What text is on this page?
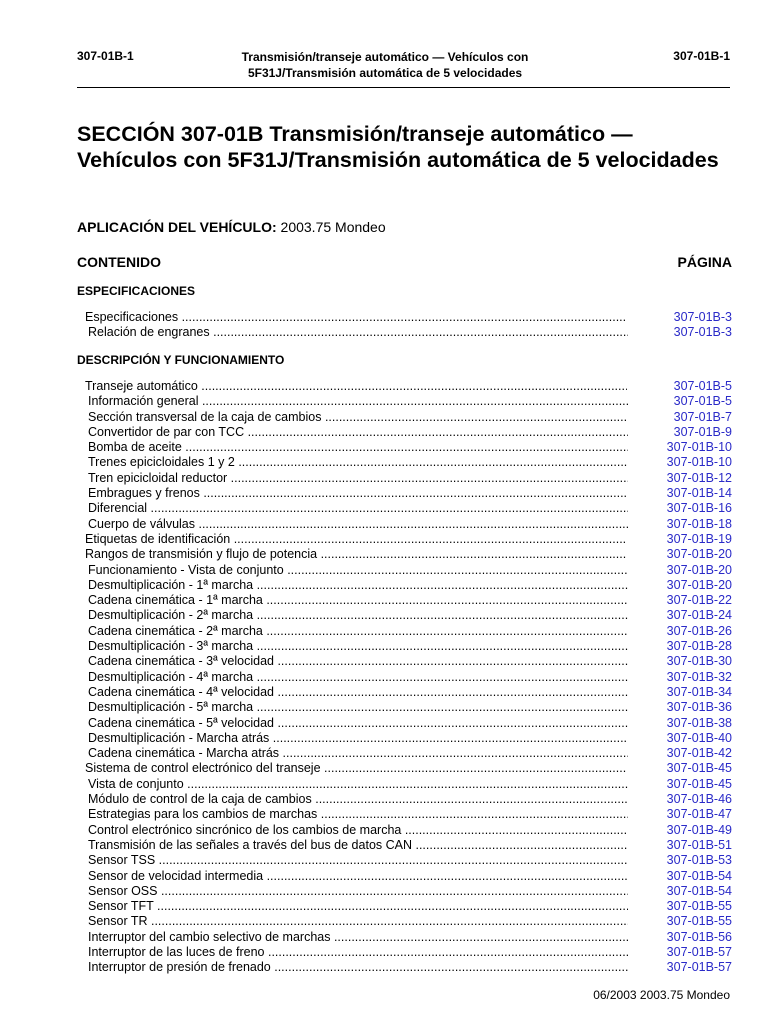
307-01B-1	Transmisión/transeje automático — Vehículos con
5F31J/Transmisión automática de 5 velocidades
307-01B-1
SECCIÓN 307-01B Transmisión/transeje automático — Vehículos con 5F31J/Transmisión automática de 5 velocidades
APLICACIÓN DEL VEHÍCULO: 2003.75 Mondeo
CONTENIDO	PÁGINA
ESPECIFICACIONES
Especificaciones .....	307-01B-3
Relación de engranes .....	307-01B-3
DESCRIPCIÓN Y FUNCIONAMIENTO
Transeje automático .....	307-01B-5
Información general .....	307-01B-5
Sección transversal de la caja de cambios .....	307-01B-7
Convertidor de par con TCC .....	307-01B-9
Bomba de aceite .....	307-01B-10
Trenes epicicloidales 1 y 2 .....	307-01B-10
Tren epicicloidal reductor .....	307-01B-12
Embragues y frenos .....	307-01B-14
Diferencial .....	307-01B-16
Cuerpo de válvulas .....	307-01B-18
Etiquetas de identificación .....	307-01B-19
Rangos de transmisión y flujo de potencia .....	307-01B-20
Funcionamiento - Vista de conjunto .....	307-01B-20
Desmultiplicación - 1ª marcha .....	307-01B-20
Cadena cinemática - 1ª marcha .....	307-01B-22
Desmultiplicación - 2ª marcha .....	307-01B-24
Cadena cinemática - 2ª marcha .....	307-01B-26
Desmultiplicación - 3ª marcha .....	307-01B-28
Cadena cinemática - 3ª velocidad .....	307-01B-30
Desmultiplicación - 4ª marcha .....	307-01B-32
Cadena cinemática - 4ª velocidad .....	307-01B-34
Desmultiplicación - 5ª marcha .....	307-01B-36
Cadena cinemática - 5ª velocidad .....	307-01B-38
Desmultiplicación - Marcha atrás .....	307-01B-40
Cadena cinemática - Marcha atrás .....	307-01B-42
Sistema de control electrónico del transeje .....	307-01B-45
Vista de conjunto .....	307-01B-45
Módulo de control de la caja de cambios .....	307-01B-46
Estrategias para los cambios de marchas .....	307-01B-47
Control electrónico sincrónico de los cambios de marcha .....	307-01B-49
Transmisión de las señales a través del bus de datos CAN .....	307-01B-51
Sensor TSS .....	307-01B-53
Sensor de velocidad intermedia .....	307-01B-54
Sensor OSS .....	307-01B-54
Sensor TFT .....	307-01B-55
Sensor TR .....	307-01B-55
Interruptor del cambio selectivo de marchas .....	307-01B-56
Interruptor de las luces de freno .....	307-01B-57
Interruptor de presión de frenado .....	307-01B-57
06/2003 2003.75 Mondeo
